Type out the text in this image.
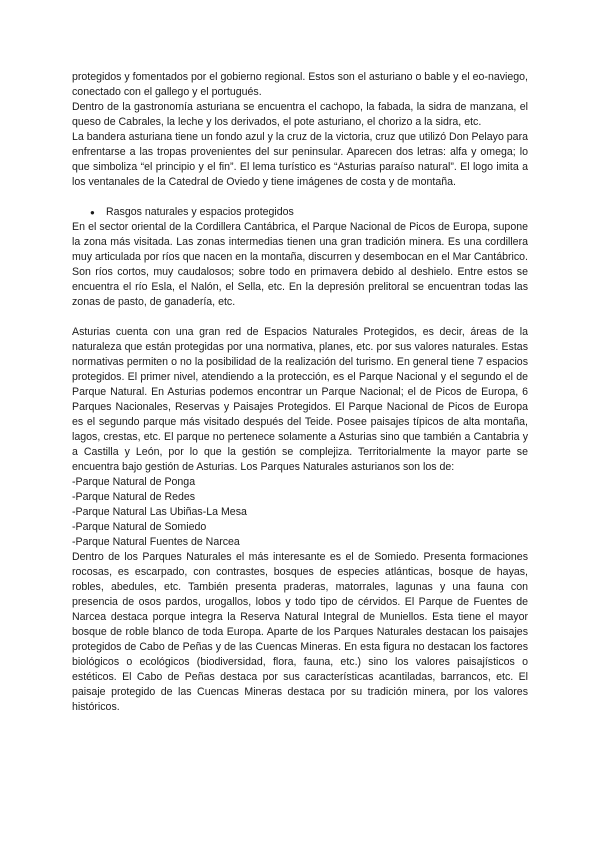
protegidos y fomentados por el gobierno regional. Estos son el asturiano o bable y el eo-naviego, conectado con el gallego y el portugués.

Dentro de la gastronomía asturiana se encuentra el cachopo, la fabada, la sidra de manzana, el queso de Cabrales, la leche y los derivados, el pote asturiano, el chorizo a la sidra, etc.

La bandera asturiana tiene un fondo azul y la cruz de la victoria, cruz que utilizó Don Pelayo para enfrentarse a las tropas provenientes del sur peninsular. Aparecen dos letras: alfa y omega; lo que simboliza “el principio y el fin”. El lema turístico es “Asturias paraíso natural”. El logo imita a los ventanales de la Catedral de Oviedo y tiene imágenes de costa y de montaña.

●	Rasgos naturales y espacios protegidos

En el sector oriental de la Cordillera Cantábrica, el Parque Nacional de Picos de Europa, supone la zona más visitada. Las zonas intermedias tienen una gran tradición minera. Es una cordillera muy articulada por ríos que nacen en la montaña, discurren y desembocan en el Mar Cantábrico. Son ríos cortos, muy caudalosos; sobre todo en primavera debido al deshielo. Entre estos se encuentra el río Esla, el Nalón, el Sella, etc. En la depresión prelitoral se encuentran todas las zonas de pasto, de ganadería, etc.

Asturias cuenta con una gran red de Espacios Naturales Protegidos, es decir, áreas de la naturaleza que están protegidas por una normativa, planes, etc. por sus valores naturales. Estas normativas permiten o no la posibilidad de la realización del turismo. En general tiene 7 espacios protegidos. El primer nivel, atendiendo a la protección, es el Parque Nacional y el segundo el de Parque Natural. En Asturias podemos encontrar un Parque Nacional; el de Picos de Europa, 6 Parques Nacionales, Reservas y Paisajes Protegidos. El Parque Nacional de Picos de Europa es el segundo parque más visitado después del Teide. Posee paisajes típicos de alta montaña, lagos, crestas, etc. El parque no pertenece solamente a Asturias sino que también a Cantabria y a Castilla y León, por lo que la gestión se complejiza. Territorialmente la mayor parte se encuentra bajo gestión de Asturias. Los Parques Naturales asturianos son los de:

-Parque Natural de Ponga
-Parque Natural de Redes
-Parque Natural Las Ubiñas-La Mesa
-Parque Natural de Somiedo
-Parque Natural Fuentes de Narcea

Dentro de los Parques Naturales el más interesante es el de Somiedo. Presenta formaciones rocosas, es escarpado, con contrastes, bosques de especies atlánticas, bosque de hayas, robles, abedules, etc. También presenta praderas, matorrales, lagunas y una fauna con presencia de osos pardos, urogallos, lobos y todo tipo de cérvidos. El Parque de Fuentes de Narcea destaca porque integra la Reserva Natural Integral de Muniellos. Esta tiene el mayor bosque de roble blanco de toda Europa. Aparte de los Parques Naturales destacan los paisajes protegidos de Cabo de Peñas y de las Cuencas Mineras. En esta figura no destacan los factores biológicos o ecológicos (biodiversidad, flora, fauna, etc.) sino los valores paisajísticos o estéticos. El Cabo de Peñas destaca por sus características acantiladas, barrancos, etc. El paisaje protegido de las Cuencas Mineras destaca por su tradición minera, por los valores históricos.
